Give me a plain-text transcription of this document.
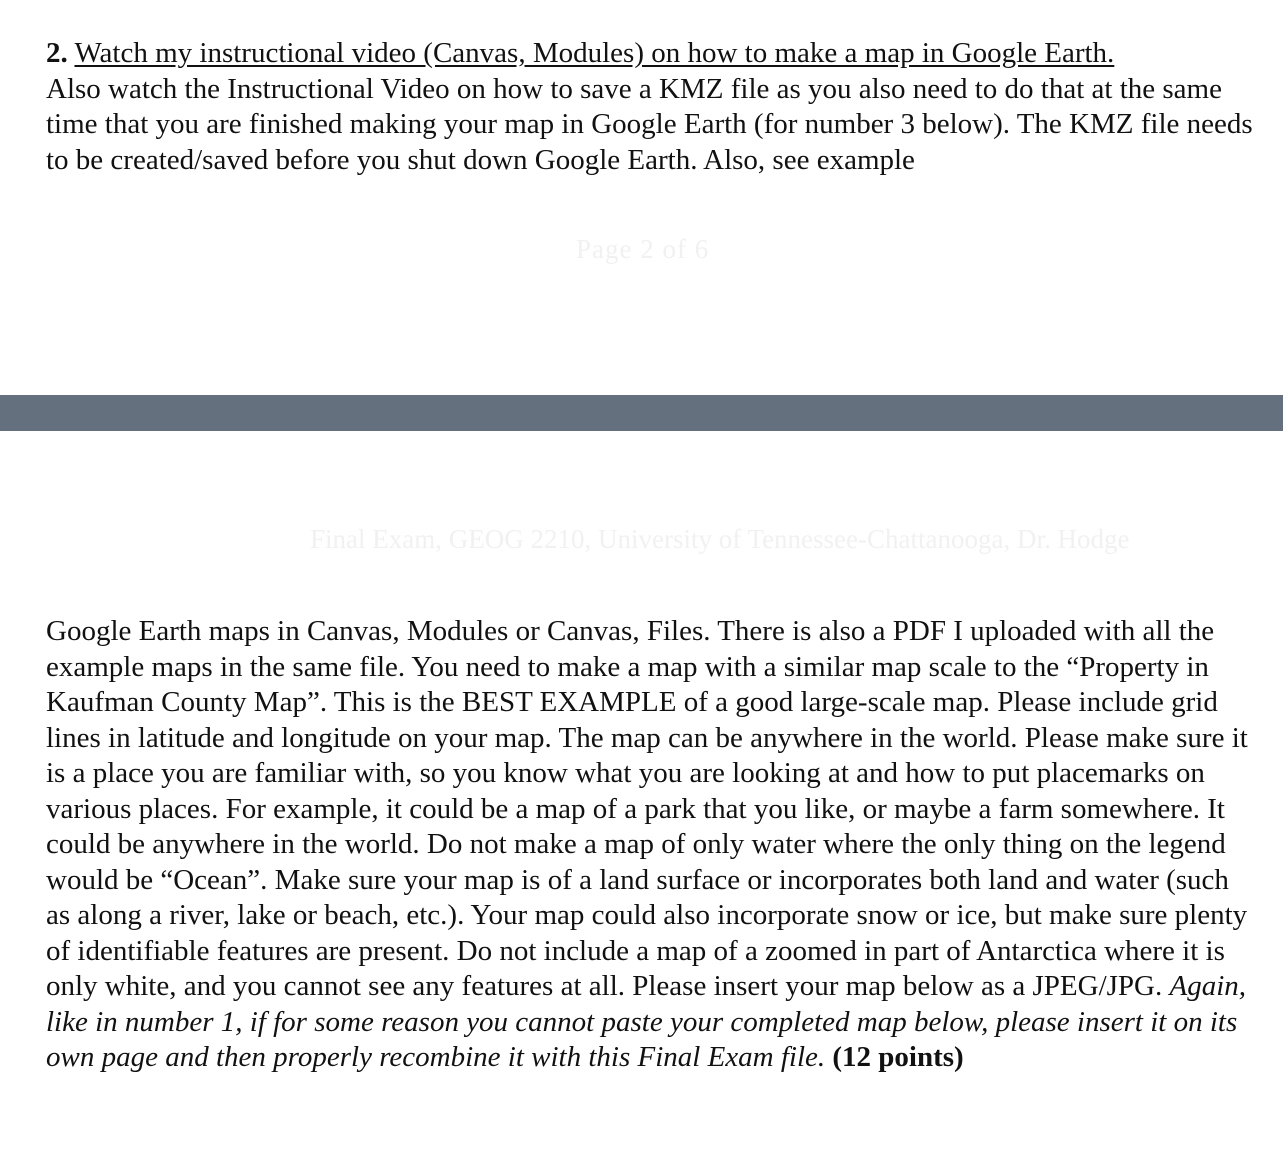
2. Watch my instructional video (Canvas, Modules) on how to make a map in Google Earth.
Also watch the Instructional Video on how to save a KMZ file as you also need to do that at the same time that you are finished making your map in Google Earth (for number 3 below). The KMZ file needs to be created/saved before you shut down Google Earth. Also, see example

Page 2 of 6
Final Exam, GEOG 2210, University of Tennessee-Chattanooga, Dr. Hodge

Google Earth maps in Canvas, Modules or Canvas, Files. There is also a PDF I uploaded with all the example maps in the same file. You need to make a map with a similar map scale to the “Property in Kaufman County Map”. This is the BEST EXAMPLE of a good large-scale map. Please include grid lines in latitude and longitude on your map. The map can be anywhere in the world. Please make sure it is a place you are familiar with, so you know what you are looking at and how to put placemarks on various places. For example, it could be a map of a park that you like, or maybe a farm somewhere. It could be anywhere in the world. Do not make a map of only water where the only thing on the legend would be “Ocean”. Make sure your map is of a land surface or incorporates both land and water (such as along a river, lake or beach, etc.). Your map could also incorporate snow or ice, but make sure plenty of identifiable features are present. Do not include a map of a zoomed in part of Antarctica where it is only white, and you cannot see any features at all. Please insert your map below as a JPEG/JPG. Again, like in number 1, if for some reason you cannot paste your completed map below, please insert it on its own page and then properly recombine it with this Final Exam file. (12 points)
